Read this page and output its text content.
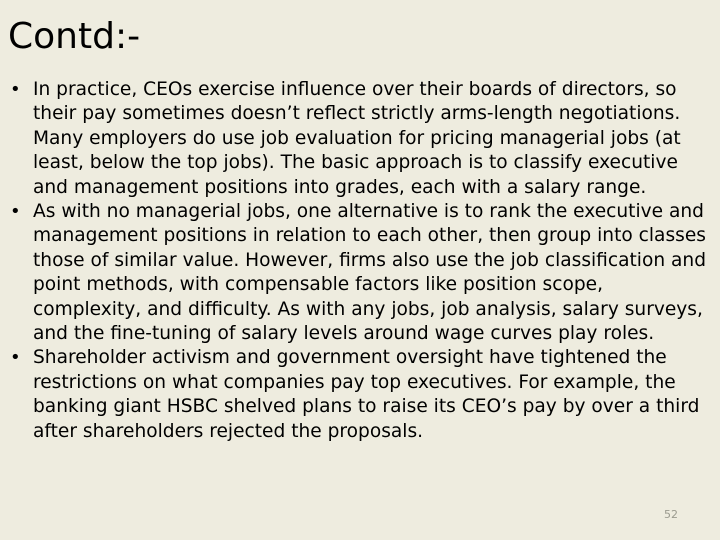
Contd:-
• In practice, CEOs exercise influence over their boards of directors, so their pay sometimes doesn’t reflect strictly arms-length negotiations. Many employers do use job evaluation for pricing managerial jobs (at least, below the top jobs). The basic approach is to classify executive and management positions into grades, each with a salary range.
• As with no managerial jobs, one alternative is to rank the executive and management positions in relation to each other, then group into classes those of similar value. However, firms also use the job classification and point methods, with compensable factors like position scope, complexity, and difficulty. As with any jobs, job analysis, salary surveys, and the fine-tuning of salary levels around wage curves play roles.
• Shareholder activism and government oversight have tightened the restrictions on what companies pay top executives. For example, the banking giant HSBC shelved plans to raise its CEO’s pay by over a third after shareholders rejected the proposals.
52
